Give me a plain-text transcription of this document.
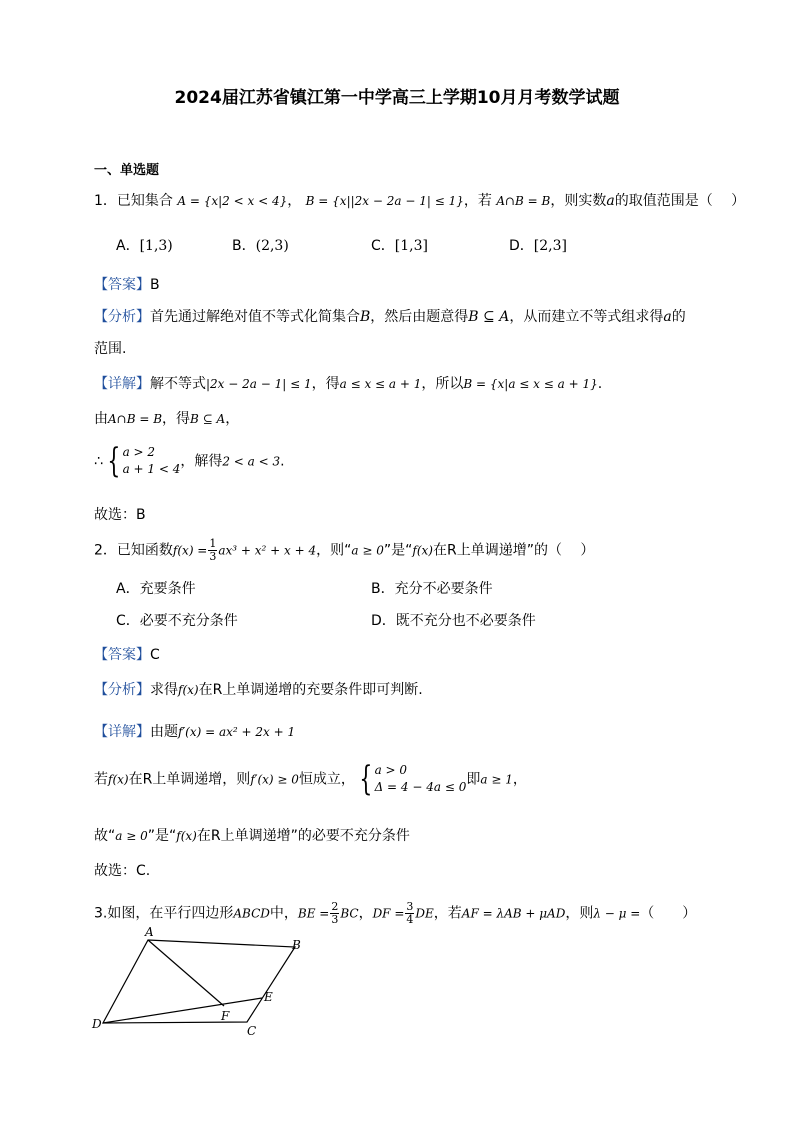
2024届江苏省镇江第一中学高三上学期10月月考数学试题
一、单选题
1．已知集合 A = {x|2 < x < 4}， B = {x||2x − 2a − 1| ≤ 1}，若 A∩B = B，则实数a的取值范围是（　 ）
A．[1,3)	B．(2,3)	C．[1,3]	D．[2,3]
【答案】B
【分析】首先通过解绝对值不等式化简集合B，然后由题意得B ⊆ A，从而建立不等式组求得a的
范围.
【详解】解不等式|2x − 2a − 1| ≤ 1，得a ≤ x ≤ a + 1，所以B = {x|a ≤ x ≤ a + 1}.
由A∩B = B，得B ⊆ A，
∴ { a > 2
a + 1 < 4 ，解得2 < a < 3.
故选：B
2．已知函数$f(x) = \frac{1}{3} ax^3 + x^2 + x + 4$，则“a ≥ 0”是“f(x)在R上单调递增”的（　 ）
A．充要条件	B．充分不必要条件
C．必要不充分条件	D．既不充分也不必要条件
【答案】C
【分析】求得f(x)在R上单调递增的充要条件即可判断.
【详解】由题f′(x) = ax² + 2x + 1
若f(x)在R上单调递增，则f′(x) ≥ 0恒成立， { a > 0
Δ = 4 − 4a ≤ 0 即a ≥ 1，
故“a ≥ 0”是“f(x)在R上单调递增”的必要不充分条件
故选：C.
3.如图，在平行四边形ABCD中，BE = $\frac{2}{3}$ BC，DF = $\frac{3}{4}$ DE，若AF = λAB + μAD，则λ − μ =（　　）
A
B
C
D
E
F
